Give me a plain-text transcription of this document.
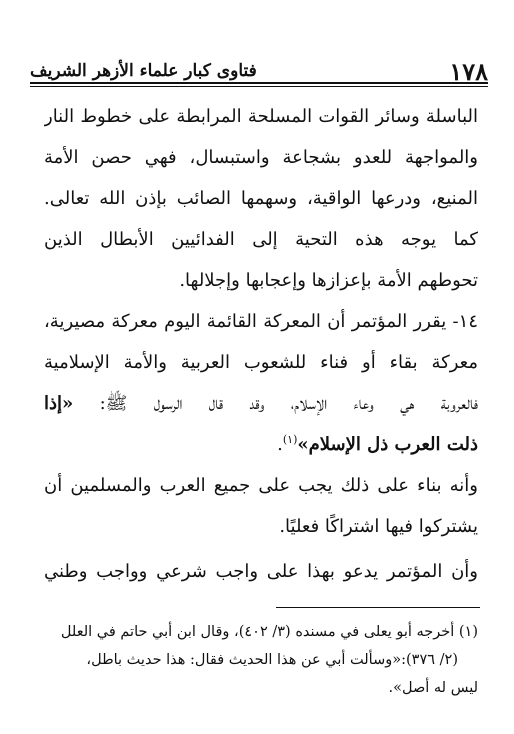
١٧٨
فتاوى كبار علماء الأزهر الشريف
الباسلة وسائر القوات المسلحة المرابطة على خطوط النار
والمواجهة للعدو بشجاعة واستبسال، فهي حصن الأمة
المنيع، ودرعها الواقية، وسهمها الصائب بإذن الله تعالى.
كما يوجه هذه التحية إلى الفدائيين الأبطال الذين
تحوطهم الأمة بإعزازها وإعجابها وإجلالها.
١٤- يقرر المؤتمر أن المعركة القائمة اليوم معركة مصيرية،
معركة بقاء أو فناء للشعوب العربية والأمة الإسلامية
فالعروبة هي وعاء الإسلام، وقد قال الرسول ﷺ: «إذا
ذلت العرب ذل الإسلام»$^{(١)}$.
وأنه بناء على ذلك يجب على جميع العرب والمسلمين أن
يشتركوا فيها اشتراكًا فعليًا.
وأن المؤتمر يدعو بهذا على واجب شرعي وواجب وطني
(١) أخرجه أبو يعلى في مسنده (٣/ ٤٠٢)، وقال ابن أبي حاتم في العلل
(٢/ ٣٧٦):«وسألت أبي عن هذا الحديث فقال: هذا حديث باطل،
ليس له أصل».
